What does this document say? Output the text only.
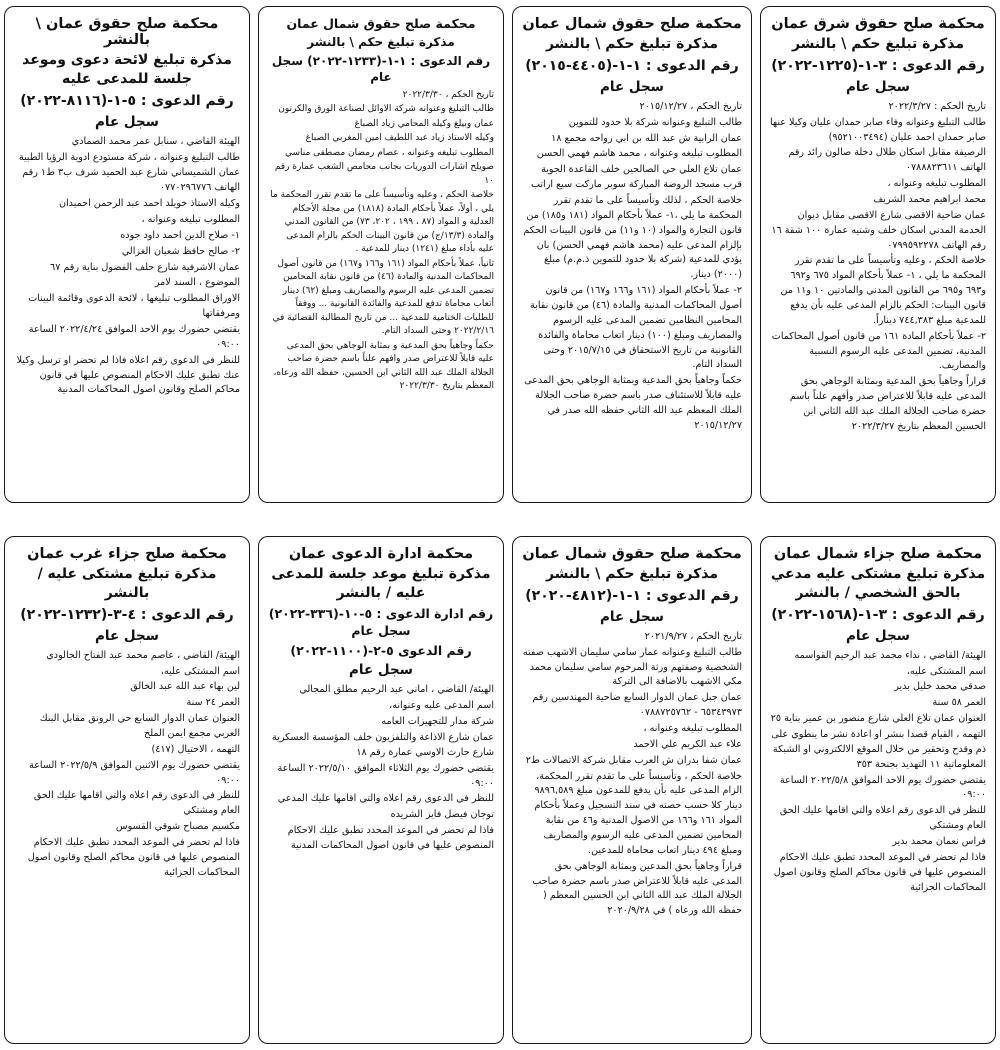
محكمة صلح حقوق شرق عمان
مذكرة تبليغ حكم \ بالنشر
رقم الدعوى : ٣-١-(١٢٢٥-٢٠٢٢)
سجل عام

تاريخ الحكم : ٢٠٢٢/٣/٢٧

طالب التبليغ وعنوانه وفاء صابر حمدان عليان وكيلا عنها صابر حمدان احمد عليان (٩٥٢١٠٠٣٤٩٤)

الرصيفة مقابل اسكان طلال دخلة صالون رائد رقم الهاتف ٠٧٨٨٨٢٣٦١١

المطلوب تبليغه وعنوانه ،

محمد ابراهيم محمد الشريف

عمان ضاحية الاقصى شارع الاقصى مقابل ديوان الخدمة المدني اسكان خلف وشتيه عمارة ١٠٠ شقة ١٦ رقم الهاتف ٠٧٩٩٥٩٢٢٧٨

خلاصة الحكم ، وعليه وتأسيساً على ما تقدم تقرر المحكمة ما يلي ، ١- عملاً بأحكام المواد ٦٧٥ و٦٩٢ و٦٩٣ و٦٩٥ من القانون المدني والمادتين ١٠ و١١ من قانون البينات: الحكم بالزام المدعى عليه بأن يدفع للمدعية مبلغ ٧٤٤,٣٨٣ ديناراً.

٢- عملاً بأحكام المادة ١٦١ من قانون أصول المحاكمات المدنية، تضمين المدعى عليه الرسوم النسبية والمصاريف.

قراراً وجاهياً بحق المدعية وبمثابة الوجاهي بحق المدعى عليه قابلاً للاعتراض صدر وأفهم علناً باسم حضرة صاحب الجلالة الملك عبد الله الثاني ابن الحسين المعظم بتاريخ ٢٠٢٢/٣/٢٧

محكمة صلح حقوق شمال عمان
مذكرة تبليغ حكم \ بالنشر
رقم الدعوى : ١-١-(٤٤٠٥-٢٠١٥)
سجل عام

تاريخ الحكم ، ٢٠١٥/١٢/٢٧

طالب التبليغ وعنوانه شركة بلا حدود للتموين

عمان الرابية ش عبد الله بن ابي رواحه مجمع ١٨

المطلوب تبليغه وعنوانه ، محمد هاشم فهمي الحسن

عمان تلاع العلي حي الصالحين خلف القاعدة الجوية قرب مسجد الروضة المباركة سوبر ماركت سيع اراتب

خلاصة الحكم ، لذلك وتأسيساً على ما تقدم تقرر المحكمة ما يلي ،١- عملاً بأحكام المواد (١٨١ و١٨٥) من قانون التجارة والمواد (١٠ و١١) من قانون البينات الحكم بإلزام المدعى عليه (محمد هاشم فهمي الحسن) بان يؤدي للمدعية (شركة بلا حدود للتموين ذ.م.م) مبلغ (٢٠٠٠) دينار.

٢- عملاً بأحكام المواد (١٦١ و١٦٦ و١٦٧) من قانون أصول المحاكمات المدنية والمادة (٤٦) من قانون نقابة المحامين النظامين تضمين المدعى عليه الرسوم والمصاريف ومبلغ (١٠٠) دينار اتعاب محاماة والفائدة القانونية من تاريخ الاستحقاق في ٢٠١٥/٧/١٥ وحتى السداد التام.

حكماً وجاهياً بحق المدعية وبمثابة الوجاهي بحق المدعى عليه قابلاً للاستئناف صدر باسم حضرة صاحب الجلالة الملك المعظم عبد الله الثاني حفظه الله صدر في ٢٠١٥/١٢/٢٧

محكمة صلح حقوق شمال عمان
مذكرة تبليغ حكم \ بالنشر
رقم الدعوى : ١-١-(١٢٣٣-٢٠٢٢) سجل عام

تاريخ الحكم ، ٢٠٢٢/٣/٣٠

طالب التبليغ وعنوانه شركة الاوائل لصناعة الورق والكرتون

عمان وبيلغ وكيله المحامي زياد الصباغ

وكيله الاستاذ زياد عبد اللطيف امين المغربي الصباغ

المطلوب تبليغه وعنوانه ، عصام رمضان مصطفى مناسي

صويلح اشارات الدوريات بجانب محامص الشعب عمارة رقم ١٠

خلاصة الحكم ، وعليه وتأسيساً على ما تقدم تقرر المحكمة ما يلي ، أولاً، عملاً بأحكام المادة (١٨١٨) من مجلة الأحكام العدلية و المواد (٨٧ ، ١٩٩ ، ٢٠٢، ٧٣) من القانون المدني والمادة (١٣/٣/ج) من قانون البينات الحكم بالزام المدعى عليه بأداء مبلغ (١٢٤١) دينار للمدعية .

ثانياً، عملاً بأحكام المواد (١٦١ و١٦٦ و١٦٧) من قانون أصول المحاكمات المدنية والمادة (٤٦) من قانون نقابة المحامين تضمين المدعى عليه الرسوم والمصاريف ومبلغ (٦٢) دينار أتعاب محاماة تدفع للمدعية والفائدة القانونية ... ووفقاً للطلبات الختامية للمدعية ... من تاريخ المطالبة القضائية في ٢٠٢٢/٢/١٦ وحتى السداد التام.

حكماً وجاهياً بحق المدعية و بمثابة الوجاهي بحق المدعى عليه قابلاً للاعتراض صدر وافهم علناً باسم حضرة صاحب الجلالة الملك عبد الله الثاني ابن الحسين، حفظه الله ورعاه، المعظم بتاريخ ٢٠٢٢/٣/٣٠

محكمة صلح حقوق عمان \ بالنشر
مذكرة تبليغ لائحة دعوى وموعد جلسة للمدعى عليه
رقم الدعوى : ٥-١-(٨١١٦-٢٠٢٢)
سجل عام

الهيئة القاضي ، سنابل عمر محمد الصمادي

طالب التبليغ وعنوانه ، شركة مستودع ادوية الرؤيا الطبية

عمان الشميساني شارع عبد الحميد شرف ب٣ ط١ رقم الهاتف ٠٧٧٠٢٩٦٧٧٦

وكيله الاستاذ خويلد احمد عبد الرحمن احميدان

المطلوب تبليغه وعنوانه ،

١- صلاح الدين احمد داود جوده

٢- صالح حافظ شعبان الغزالي

عمان الاشرفية شارع حلف الفضول بناية رقم ٦٧

الموضوع ، السند لامر

الاوراق المطلوب تبليغها ، لائحة الدعوى وقائمة البينات ومرفقاتها

يقتضي حضورك يوم الاحد الموافق ٢٠٢٢/٤/٢٤ الساعة ٠٩:٠٠

للنظر في الدعوى رقم اعلاه فاذا لم تحضر او ترسل وكيلا عنك تطبق عليك الاحكام المنصوص عليها في قانون محاكم الصلح وقانون اصول المحاكمات المدنية

محكمة صلح جزاء شمال عمان
مذكرة تبليغ مشتكى عليه مدعي بالحق الشخصي / بالنشر
رقم الدعوى : ٣-١-(١٥٦٨-٢٠٢٢)
سجل عام

الهيئة/ القاضي ، نداء محمد عبد الرحيم القواسمه

اسم المشتكى عليه،

صدقي محمد خليل بدير

العمر ٥٨ سنة

العنوان عمان تلاع العلي شارع منصور بن عمير بناية ٢٥

التهمه ، القيام قصدا بنشر او اعادة نشر ما ينطوي على ذم وقدح وتحقير من خلال الموقع الالكتروني او الشبكة المعلوماتية ١١ التهديد بجنحة ٣٥٣

يقتضي حضورك يوم الاحد الموافق ٢٠٢٢/٥/٨ الساعة ٠٩:٠٠

للنظر في الدعوى رقم اعلاه والتي اقامها عليك الحق العام ومشتكي

فراس نعمان محمد بدير

فاذا لم تحضر في الموعد المحدد تطبق عليك الاحكام المنصوص عليها في قانون محاكم الصلح وقانون اصول المحاكمات الجزائية

محكمة صلح حقوق شمال عمان
مذكرة تبليغ حكم \ بالنشر
رقم الدعوى : ١-١-(٤٨١٢-٢٠٢٠)
سجل عام

تاريخ الحكم ، ٢٠٢١/٩/٢٧

طالب التبليغ وعنوانه عمار سامي سليمان الاشهب صفته الشخصية وصفتهم ورثة المرحوم سامي سليمان محمد مكي الاشهب بالاضافة الى التركة

عمان جبل عمان الدوار السابع ضاحية المهندسين رقم ٦٥٣٤٣٩٧٣ - ٠٧٨٨٧٢٥٧٦٢

المطلوب تبليغه وعنوانه ،

علاء عبد الكريم علي الاحمد

عمان شفا بدران ش العرب مقابل شركة الاتصالات ط٢

خلاصة الحكم ، وتأسيساً على ما تقدم تقرر المحكمة، الزام المدعى عليه بأن يدفع للمدعون مبلغ ٩٨٩٦,٥٨٩ دينار كلا حسب حصته في سند التسجيل وعملاً بأحكام المواد ١٦١ و١٦٦ من الاصول المدنية و٤٦ من نقابة المحامين تضمين المدعى عليه الرسوم والمصاريف ومبلغ ٤٩٤ دينار اتعاب محاماة للمدعين.

قراراً وجاهياً بحق المدعين وبمثابة الوجاهي بحق المدعى عليه قابلاً للاعتراض صدر باسم حضرة صاحب الجلالة الملك عبد الله الثاني ابن الحسين المعظم ( حفظه الله ورعاه ) في ٢٠٢٠/٩/٢٨

محكمة ادارة الدعوى عمان
مذكرة تبليغ موعد جلسة للمدعى عليه / بالنشر
رقم ادارة الدعوى : ٥-١٠-(٣٣٦-٢٠٢٢) سجل عام
رقم الدعوى ٥-٢-(١١٠٠-٢٠٢٢)
سجل عام

الهيئة/ القاضي ، اماني عبد الرحيم مطلق المجالي

اسم المدعى عليه وعنوانه،

شركة مدار للتجهيزات العامه

عمان شارع الاذاعة والتلفزيون خلف المؤسسة العسكرية شارع حارث الاوسي عمارة رقم ١٨

يقتضي حضورك يوم الثلاثاء الموافق ٢٠٢٢/٥/١٠ الساعة ٠٩:٠٠

للنظر في الدعوى رقم اعلاه والتي اقامها عليك المدعي

توجان فيصل فايز الشريده

فاذا لم تحضر في الموعد المحدد تطبق عليك الاحكام المنصوص عليها في قانون اصول المحاكمات المدنية

محكمة صلح جزاء غرب عمان
مذكرة تبليغ مشتكى عليه / بالنشر
رقم الدعوى : ٤-٣-(١٢٣٢-٢٠٢٢)
سجل عام

الهيئة/ القاضي ، عاصم محمد عبد الفتاح الجالودي

اسم المشتكى عليه،

لين بهاء عبد الله عبد الخالق

العمر ٢٤ سنة

العنوان عمان الدوار السابع حي الرونق مقابل البنك العربي مجمع ايمن الملخ

التهمه ، الاحتيال (٤١٧)

يقتضي حضورك يوم الاثنين الموافق ٢٠٢٢/٥/٩ الساعة ٠٩:٠٠

للنظر في الدعوى رقم اعلاه والتي اقامها عليك الحق العام ومشتكي

مكسيم مصباح شوقي القسوس

فاذا لم تحضر في الموعد المحدد تطبق عليك الاحكام المنصوص عليها في قانون محاكم الصلح وقانون اصول المحاكمات الجزائية
